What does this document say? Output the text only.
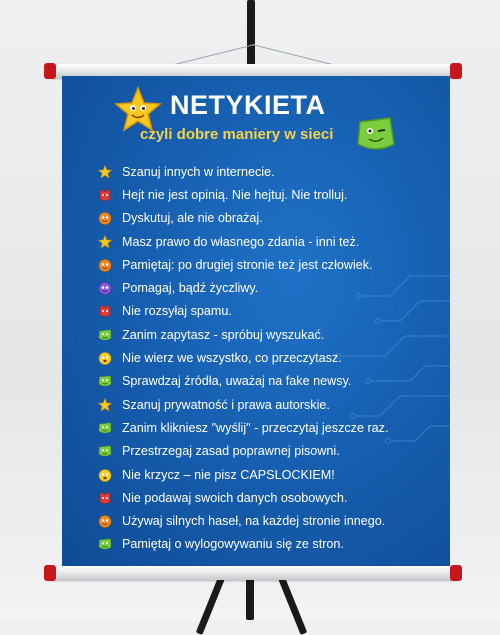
NETYKIETA
czyli dobre maniery w sieci
Szanuj innych w internecie.
Hejt nie jest opinią. Nie hejtuj. Nie trolluj.
Dyskutuj, ale nie obrażaj.
Masz prawo do własnego zdania - inni też.
Pamiętaj: po drugiej stronie też jest człowiek.
Pomagaj, bądź życzliwy.
Nie rozsyłaj spamu.
Zanim zapytasz - spróbuj wyszukać.
Nie wierz we wszystko, co przeczytasz.
Sprawdzaj źródła, uważaj na fake newsy.
Szanuj prywatność i prawa autorskie.
Zanim klikniesz "wyślij" - przeczytaj jeszcze raz.
Przestrzegaj zasad poprawnej pisowni.
Nie krzycz – nie pisz CAPSLOCKIEM!
Nie podawaj swoich danych osobowych.
Używaj silnych haseł, na każdej stronie innego.
Pamiętaj o wylogowywaniu się ze stron.
